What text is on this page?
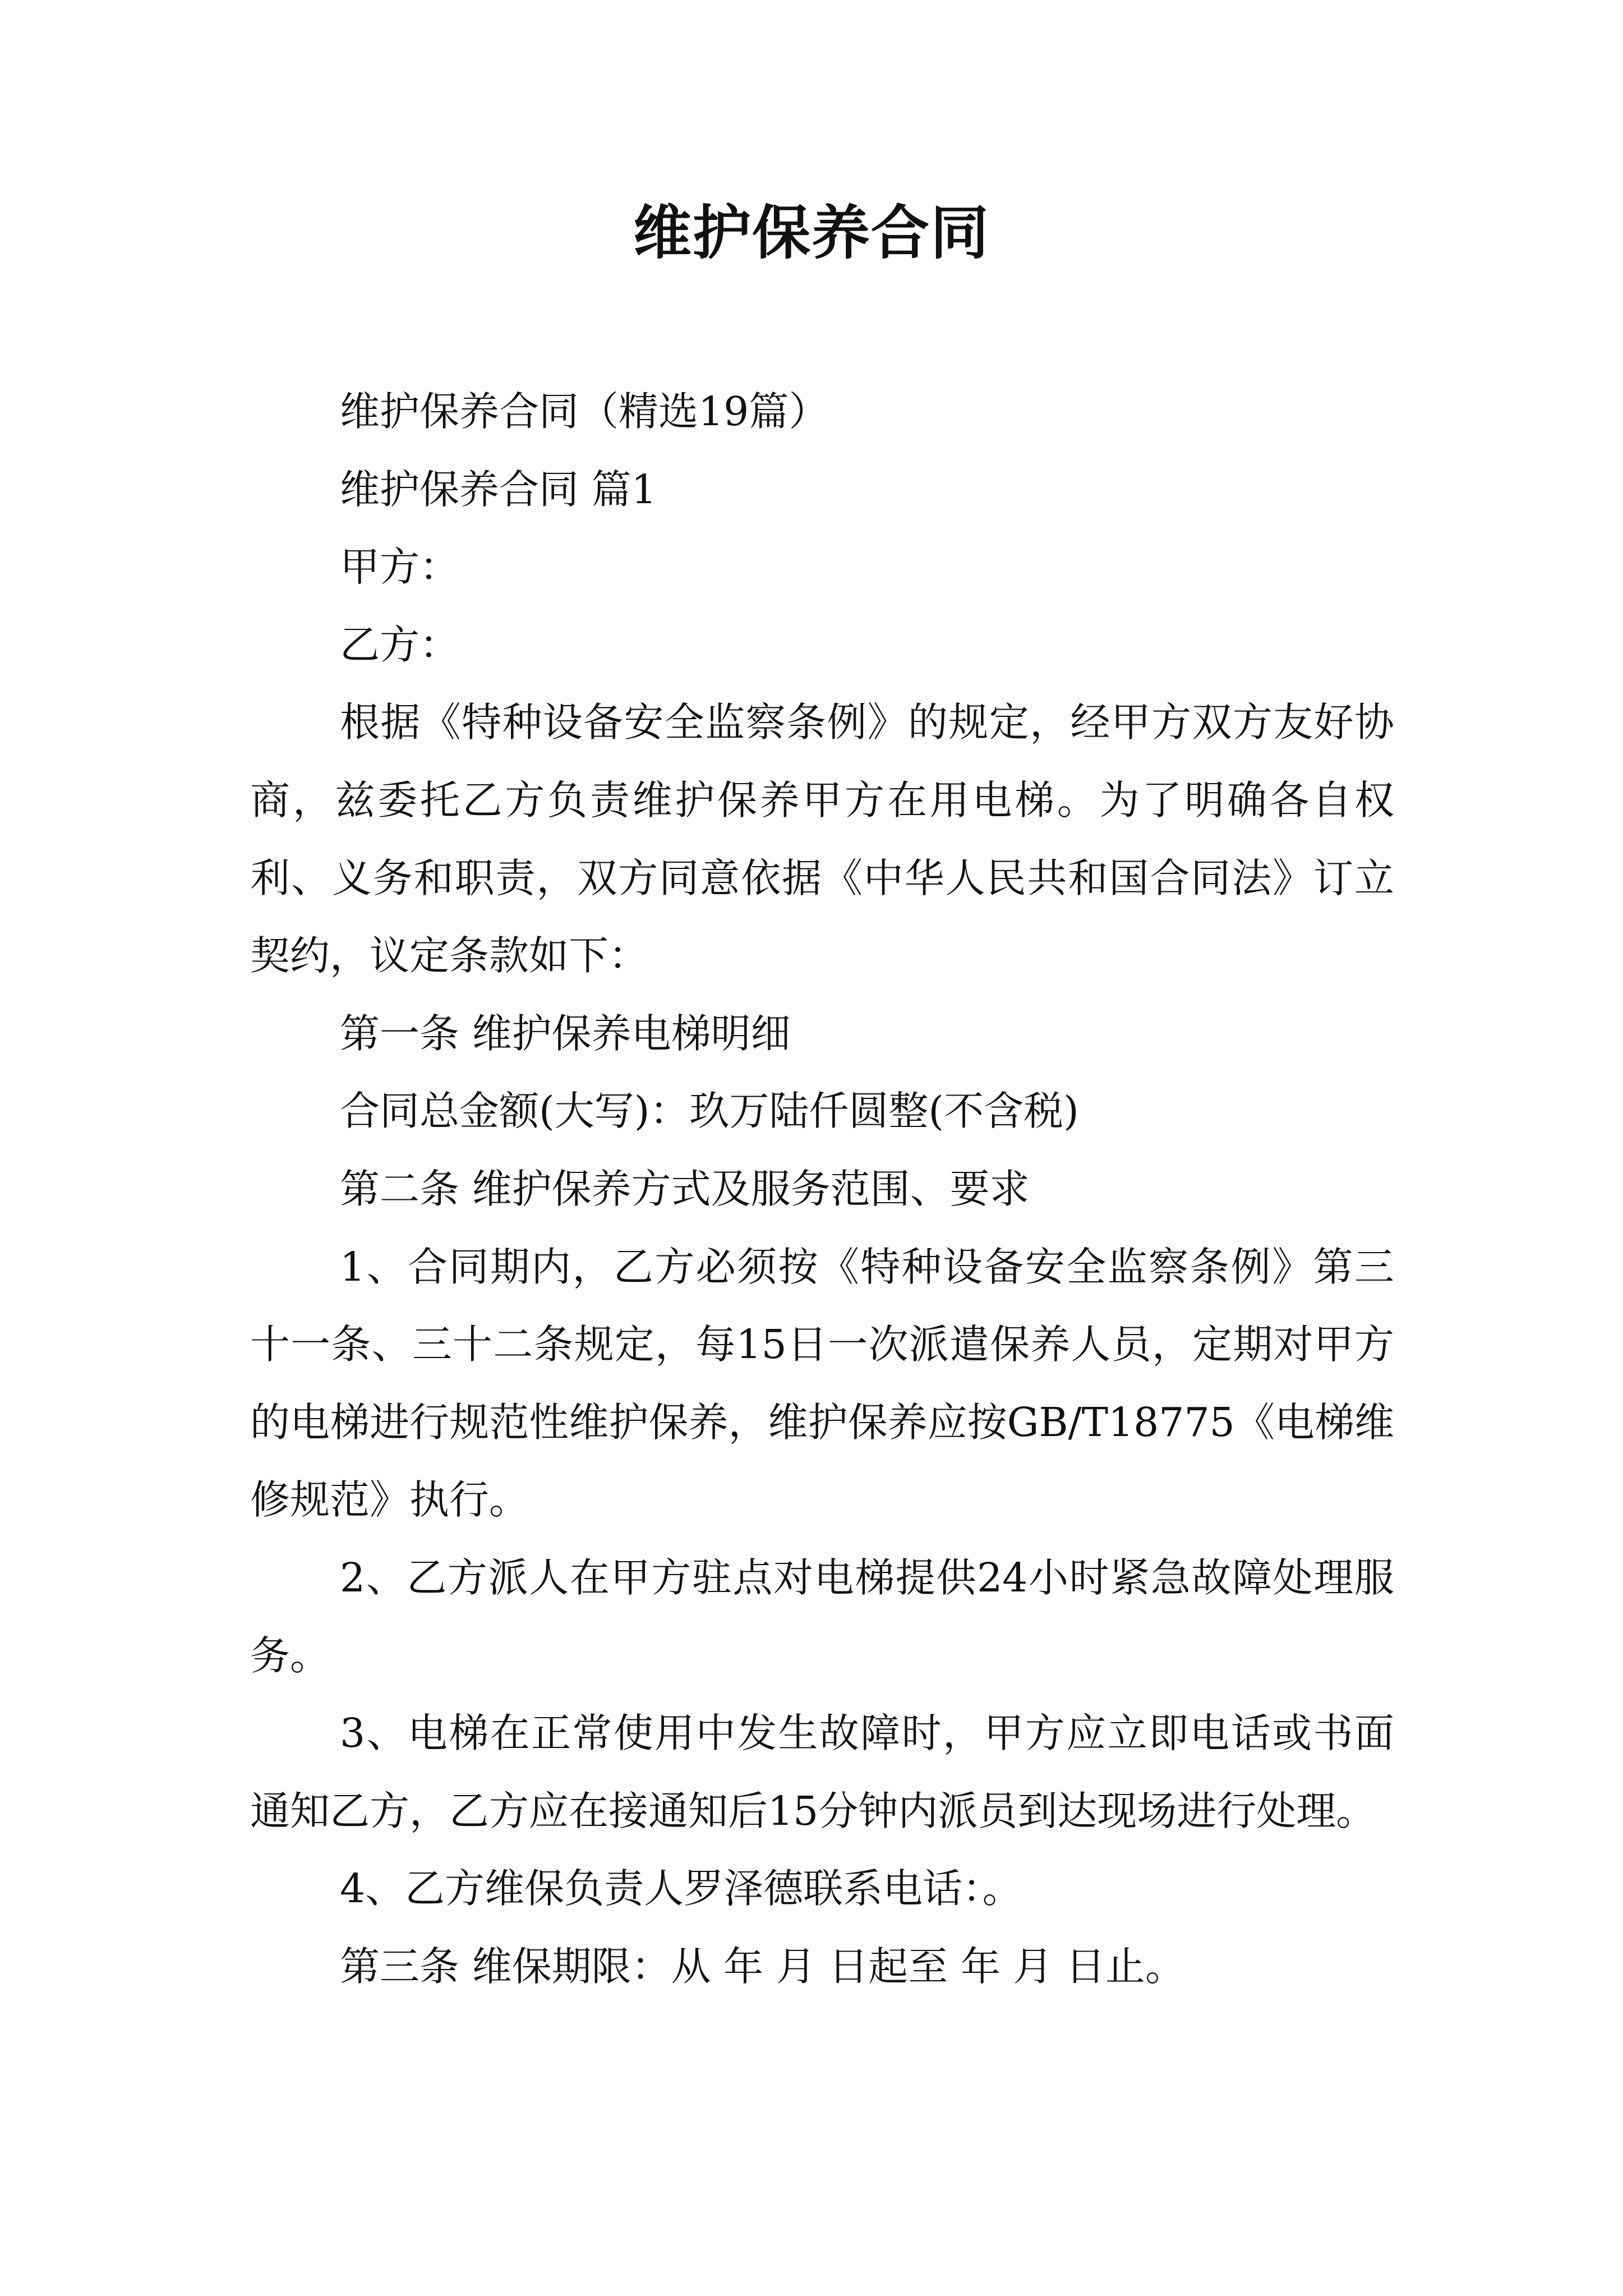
维护保养合同

维护保养合同（精选19篇）

维护保养合同 篇1

甲方：

乙方：

根据《特种设备安全监察条例》的规定，经甲方双方友好协商，兹委托乙方负责维护保养甲方在用电梯。为了明确各自权利、义务和职责，双方同意依据《中华人民共和国合同法》订立契约，议定条款如下：

第一条 维护保养电梯明细

合同总金额(大写)：玖万陆仟圆整(不含税)

第二条 维护保养方式及服务范围、要求

1、合同期内，乙方必须按《特种设备安全监察条例》第三十一条、三十二条规定，每15日一次派遣保养人员，定期对甲方的电梯进行规范性维护保养，维护保养应按GB/T18775《电梯维修规范》执行。

2、乙方派人在甲方驻点对电梯提供24小时紧急故障处理服务。

3、电梯在正常使用中发生故障时，甲方应立即电话或书面通知乙方，乙方应在接通知后15分钟内派员到达现场进行处理。

4、乙方维保负责人罗泽德联系电话：。

第三条 维保期限：从 年 月 日起至 年 月 日止。
